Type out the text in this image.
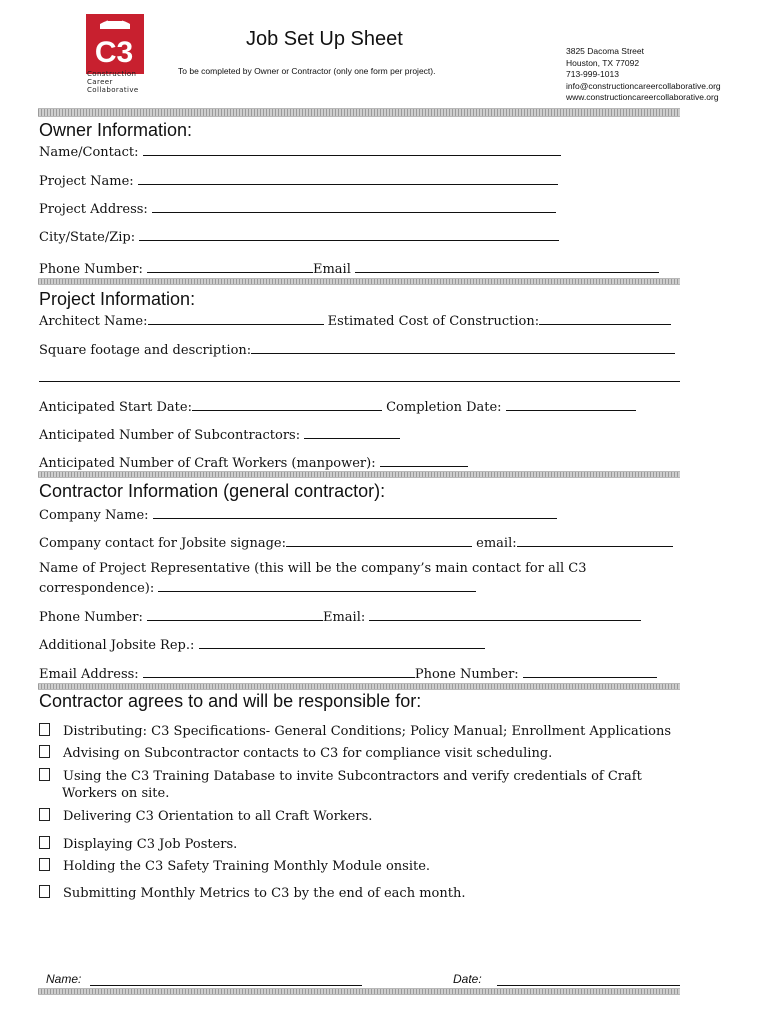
C3
Construction
Career
Collaborative
Job Set Up Sheet
To be completed by Owner or Contractor (only one form per project).
3825 Dacoma Street
Houston, TX 77092
713-999-1013
info@constructioncareercollaborative.org
www.constructioncareercollaborative.org
Owner Information:
Name/Contact:
Project Name:
Project Address:
City/State/Zip:
Phone Number:	Email
Project Information:
Architect Name:	Estimated Cost of Construction:
Square footage and description:
Anticipated Start Date:	Completion Date:
Anticipated Number of Subcontractors:
Anticipated Number of Craft Workers (manpower):
Contractor Information (general contractor):
Company Name:
Company contact for Jobsite signage:	email:
Name of Project Representative (this will be the company’s main contact for all C3
correspondence):
Phone Number:	Email:
Additional Jobsite Rep.:
Email Address:	Phone Number:
Contractor agrees to and will be responsible for:
Distributing: C3 Specifications- General Conditions; Policy Manual; Enrollment Applications
Advising on Subcontractor contacts to C3 for compliance visit scheduling.
Using the C3 Training Database to invite Subcontractors and verify credentials of Craft
Workers on site.
Delivering C3 Orientation to all Craft Workers.
Displaying C3 Job Posters.
Holding the C3 Safety Training Monthly Module onsite.
Submitting Monthly Metrics to C3 by the end of each month.
Name:	Date:
